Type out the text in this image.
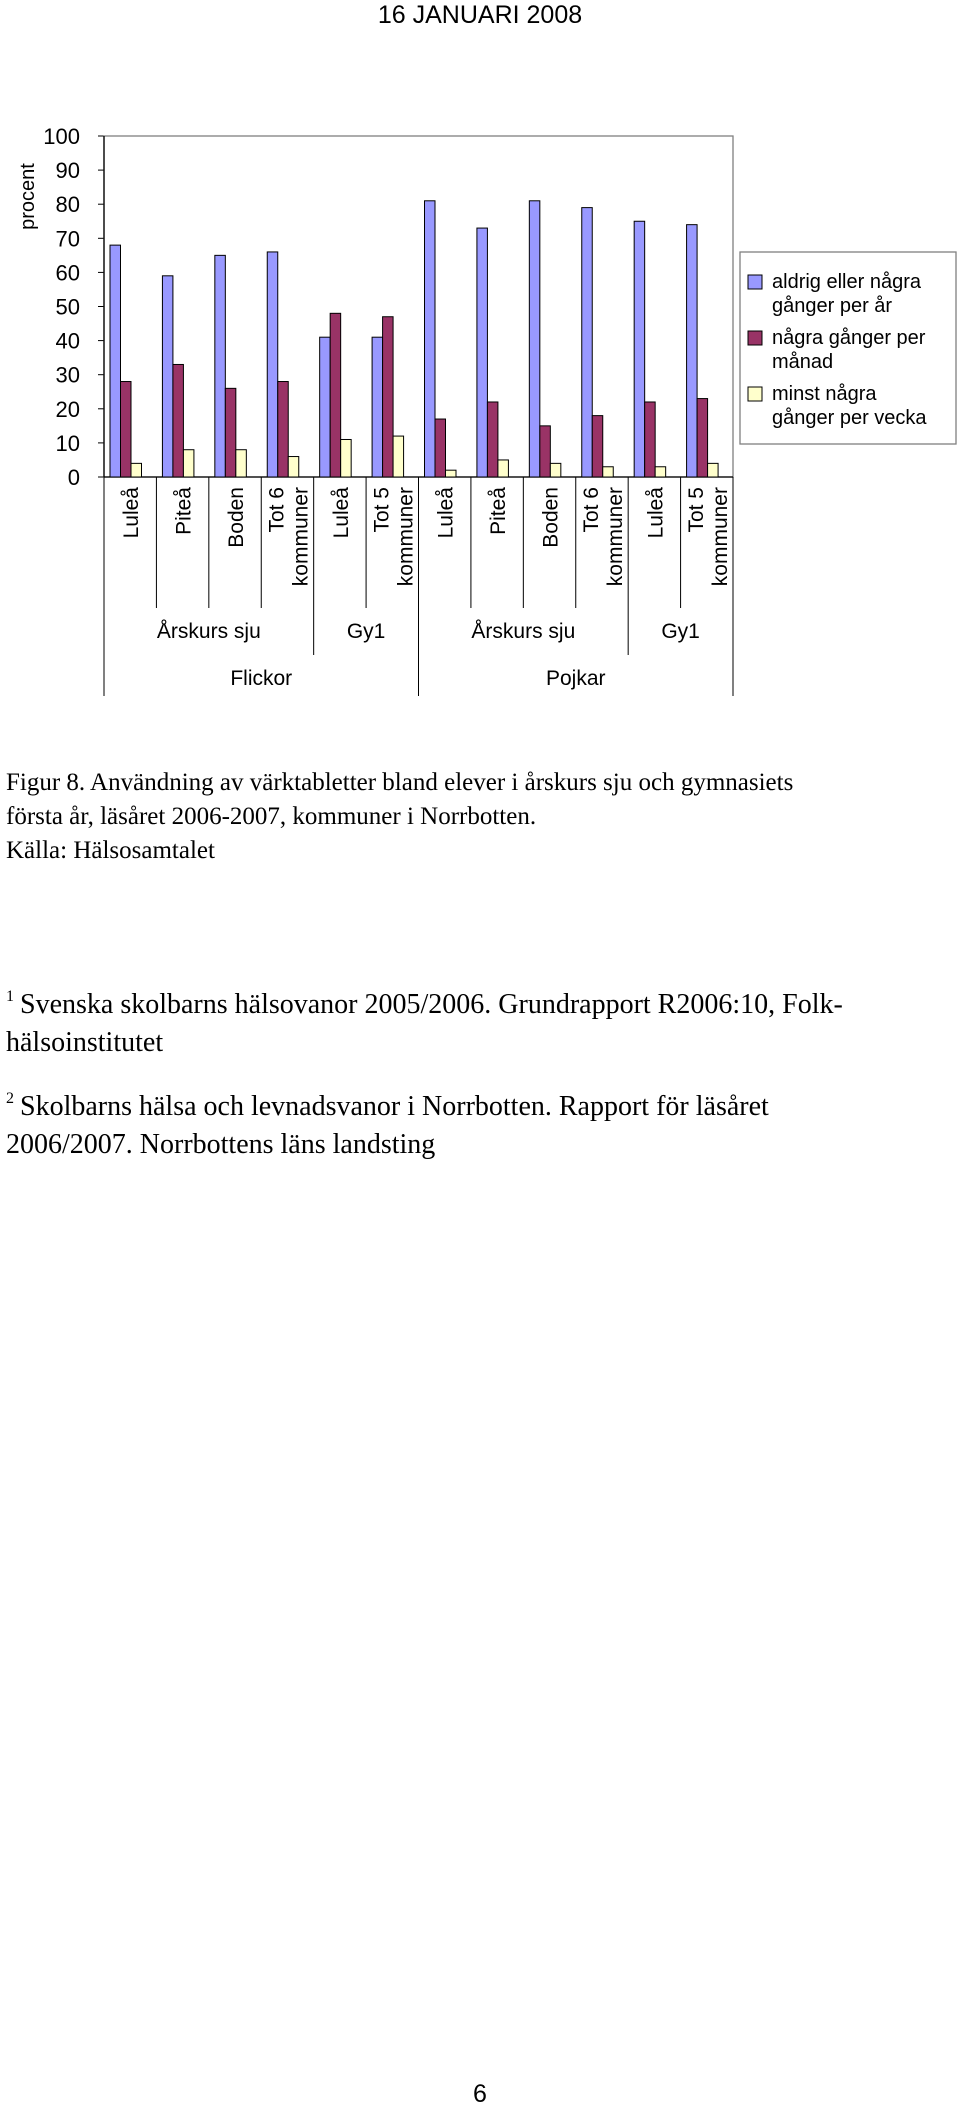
16 JANUARI 2008
procent
100
90
80
70
60
50
40
30
20
10
0
Luleå Piteå Boden Tot 6 kommuner Luleå Tot 5 kommuner Luleå Piteå Boden Tot 6 kommuner Luleå Tot 5 kommuner
Årskurs sju	Gy1	Årskurs sju	Gy1
Flickor	Pojkar
aldrig eller några
gånger per år
några gånger per
månad
minst några
gånger per vecka

Figur 8. Användning av värktabletter bland elever i årskurs sju och gymnasiets

första år, läsåret 2006-2007, kommuner i Norrbotten.

Källa: Hälsosamtalet

$^1$ Svenska skolbarns hälsovanor 2005/2006. Grundrapport R2006:10, Folk-
hälsoinstitutet
$^2$ Skolbarns hälsa och levnadsvanor i Norrbotten. Rapport för läsåret
2006/2007. Norrbottens läns landsting
6
